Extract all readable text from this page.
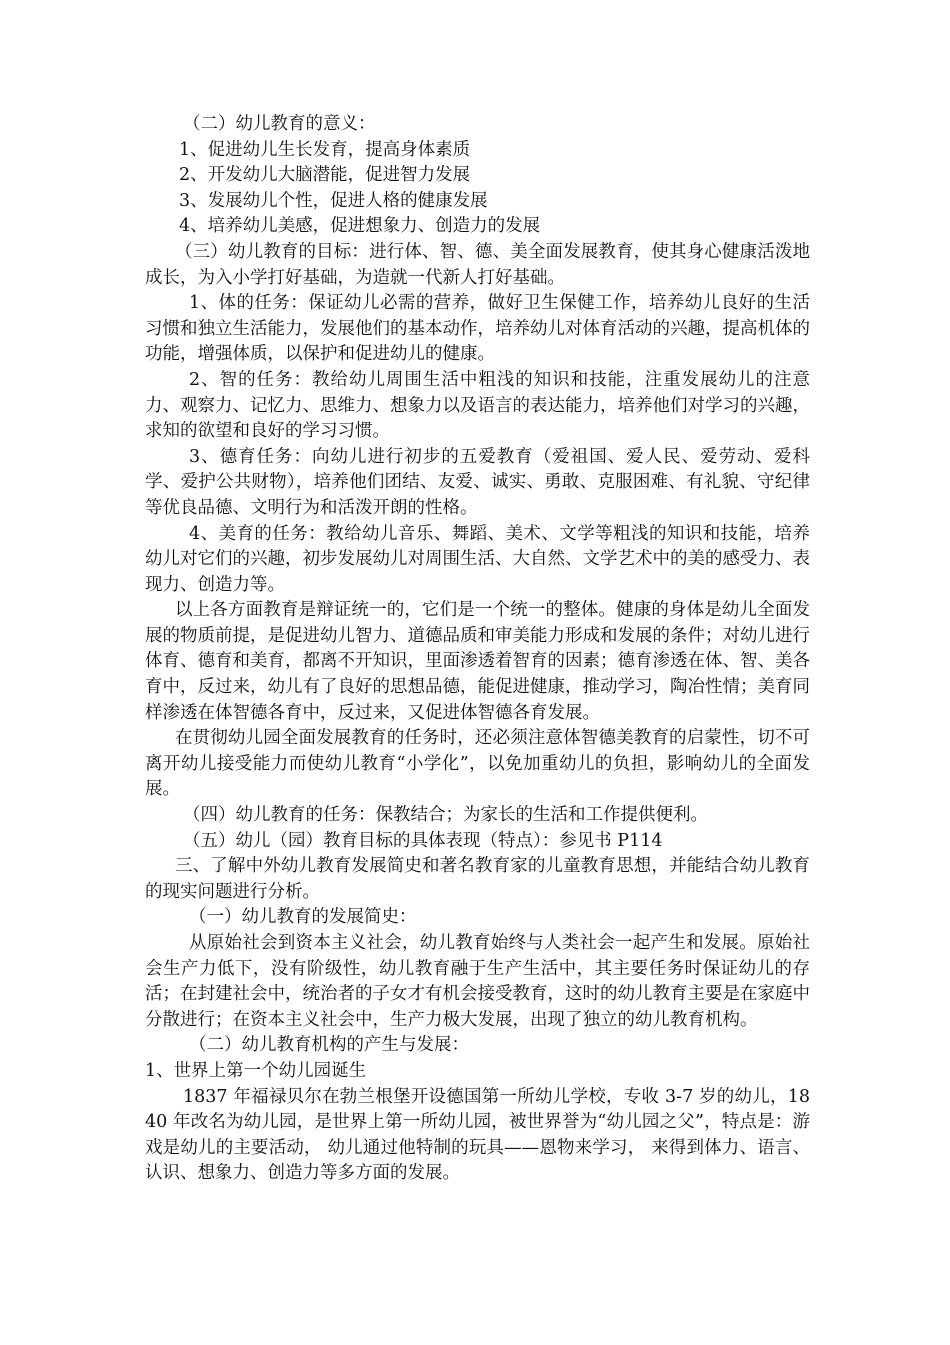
（二）幼儿教育的意义：

1、促进幼儿生长发育，提高身体素质

2、开发幼儿大脑潜能，促进智力发展

3、发展幼儿个性，促进人格的健康发展

4、培养幼儿美感，促进想象力、创造力的发展

（三）幼儿教育的目标：进行体、智、德、美全面发展教育，使其身心健康活泼地成长，为入小学打好基础，为造就一代新人打好基础。

1、体的任务：保证幼儿必需的营养，做好卫生保健工作，培养幼儿良好的生活习惯和独立生活能力，发展他们的基本动作，培养幼儿对体育活动的兴趣，提高机体的功能，增强体质，以保护和促进幼儿的健康。

2、智的任务：教给幼儿周围生活中粗浅的知识和技能，注重发展幼儿的注意力、观察力、记忆力、思维力、想象力以及语言的表达能力，培养他们对学习的兴趣，求知的欲望和良好的学习习惯。

3、德育任务：向幼儿进行初步的五爱教育（爱祖国、爱人民、爱劳动、爱科学、爱护公共财物），培养他们团结、友爱、诚实、勇敢、克服困难、有礼貌、守纪律等优良品德、文明行为和活泼开朗的性格。

4、美育的任务：教给幼儿音乐、舞蹈、美术、文学等粗浅的知识和技能，培养幼儿对它们的兴趣，初步发展幼儿对周围生活、大自然、文学艺术中的美的感受力、表现力、创造力等。

以上各方面教育是辩证统一的，它们是一个统一的整体。健康的身体是幼儿全面发展的物质前提，是促进幼儿智力、道德品质和审美能力形成和发展的条件；对幼儿进行体育、德育和美育，都离不开知识，里面渗透着智育的因素；德育渗透在体、智、美各育中，反过来，幼儿有了良好的思想品德，能促进健康，推动学习，陶冶性情；美育同样渗透在体智德各育中，反过来，又促进体智德各育发展。

在贯彻幼儿园全面发展教育的任务时，还必须注意体智德美教育的启蒙性，切不可离开幼儿接受能力而使幼儿教育“小学化”，以免加重幼儿的负担，影响幼儿的全面发展。

（四）幼儿教育的任务：保教结合；为家长的生活和工作提供便利。

（五）幼儿（园）教育目标的具体表现（特点）：参见书 P114

三、了解中外幼儿教育发展简史和著名教育家的儿童教育思想，并能结合幼儿教育的现实问题进行分析。

（一）幼儿教育的发展简史：

从原始社会到资本主义社会，幼儿教育始终与人类社会一起产生和发展。原始社会生产力低下，没有阶级性，幼儿教育融于生产生活中，其主要任务时保证幼儿的存活；在封建社会中，统治者的子女才有机会接受教育，这时的幼儿教育主要是在家庭中分散进行；在资本主义社会中，生产力极大发展，出现了独立的幼儿教育机构。

（二）幼儿教育机构的产生与发展：

1、世界上第一个幼儿园诞生

1837 年福禄贝尔在勃兰根堡开设德国第一所幼儿学校，专收 3-7 岁的幼儿，1840 年改名为幼儿园，是世界上第一所幼儿园，被世界誉为“幼儿园之父”，特点是：游戏是幼儿的主要活动， 幼儿通过他特制的玩具——恩物来学习， 来得到体力、语言、认识、想象力、创造力等多方面的发展。
